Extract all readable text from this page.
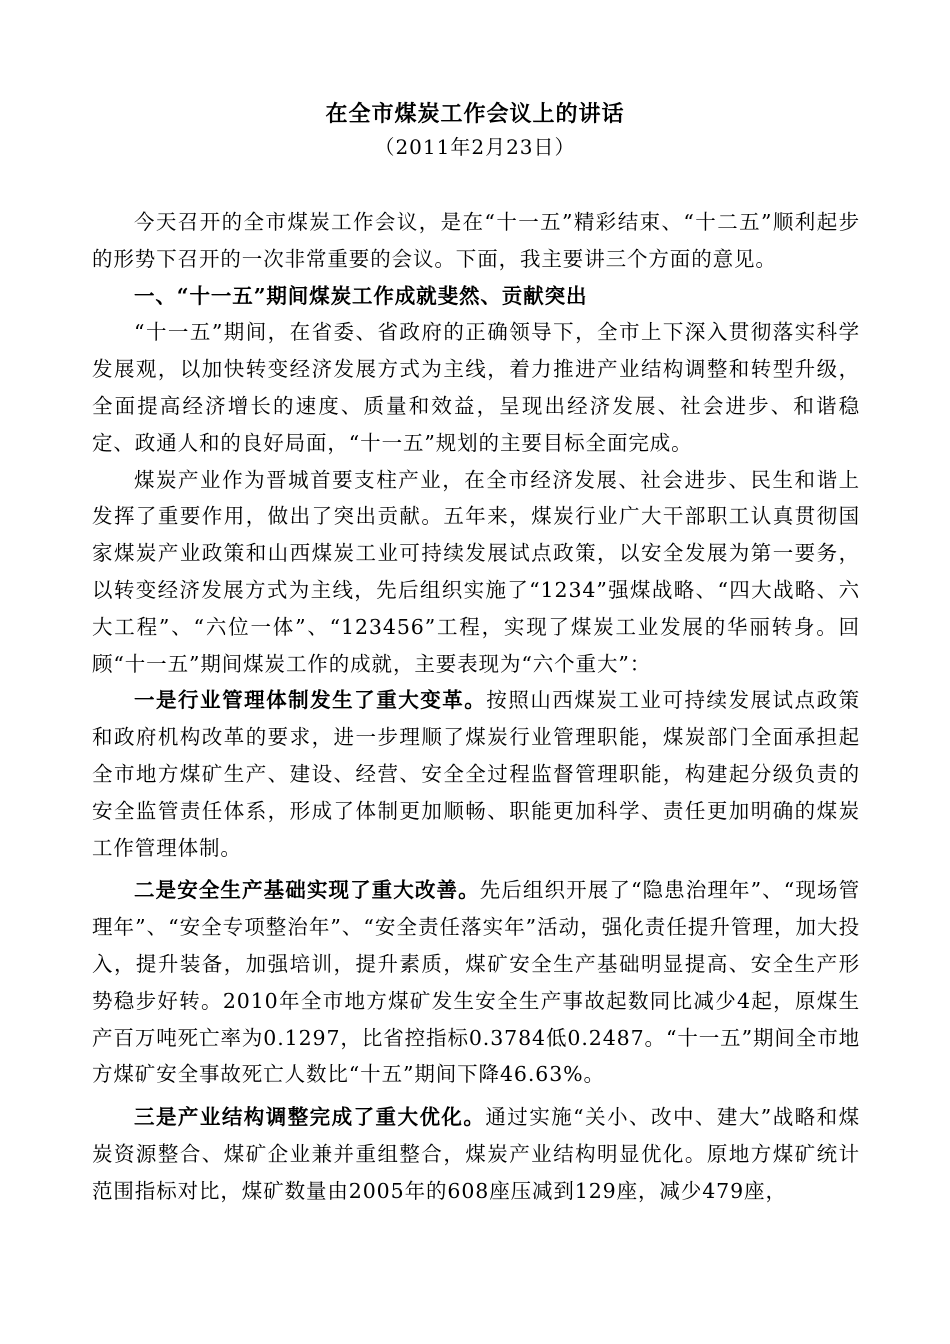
在全市煤炭工作会议上的讲话
（2011年2月23日）

今天召开的全市煤炭工作会议，是在“十一五”精彩结束、“十二五”顺利起步的形势下召开的一次非常重要的会议。下面，我主要讲三个方面的意见。

一、“十一五”期间煤炭工作成就斐然、贡献突出

“十一五”期间，在省委、省政府的正确领导下，全市上下深入贯彻落实科学发展观，以加快转变经济发展方式为主线，着力推进产业结构调整和转型升级，全面提高经济增长的速度、质量和效益，呈现出经济发展、社会进步、和谐稳定、政通人和的良好局面，“十一五”规划的主要目标全面完成。

煤炭产业作为晋城首要支柱产业，在全市经济发展、社会进步、民生和谐上发挥了重要作用，做出了突出贡献。五年来，煤炭行业广大干部职工认真贯彻国家煤炭产业政策和山西煤炭工业可持续发展试点政策，以安全发展为第一要务，以转变经济发展方式为主线，先后组织实施了“1234”强煤战略、“四大战略、六大工程”、“六位一体”、“123456”工程，实现了煤炭工业发展的华丽转身。回顾“十一五”期间煤炭工作的成就，主要表现为“六个重大”：

一是行业管理体制发生了重大变革。按照山西煤炭工业可持续发展试点政策和政府机构改革的要求，进一步理顺了煤炭行业管理职能，煤炭部门全面承担起全市地方煤矿生产、建设、经营、安全全过程监督管理职能，构建起分级负责的安全监管责任体系，形成了体制更加顺畅、职能更加科学、责任更加明确的煤炭工作管理体制。

二是安全生产基础实现了重大改善。先后组织开展了“隐患治理年”、“现场管理年”、“安全专项整治年”、“安全责任落实年”活动，强化责任提升管理，加大投入，提升装备，加强培训，提升素质，煤矿安全生产基础明显提高、安全生产形势稳步好转。2010年全市地方煤矿发生安全生产事故起数同比减少4起，原煤生产百万吨死亡率为0.1297，比省控指标0.3784低0.2487。“十一五”期间全市地方煤矿安全事故死亡人数比“十五”期间下降46.63%。

三是产业结构调整完成了重大优化。通过实施“关小、改中、建大”战略和煤炭资源整合、煤矿企业兼并重组整合，煤炭产业结构明显优化。原地方煤矿统计范围指标对比，煤矿数量由2005年的608座压减到129座，减少479座，
